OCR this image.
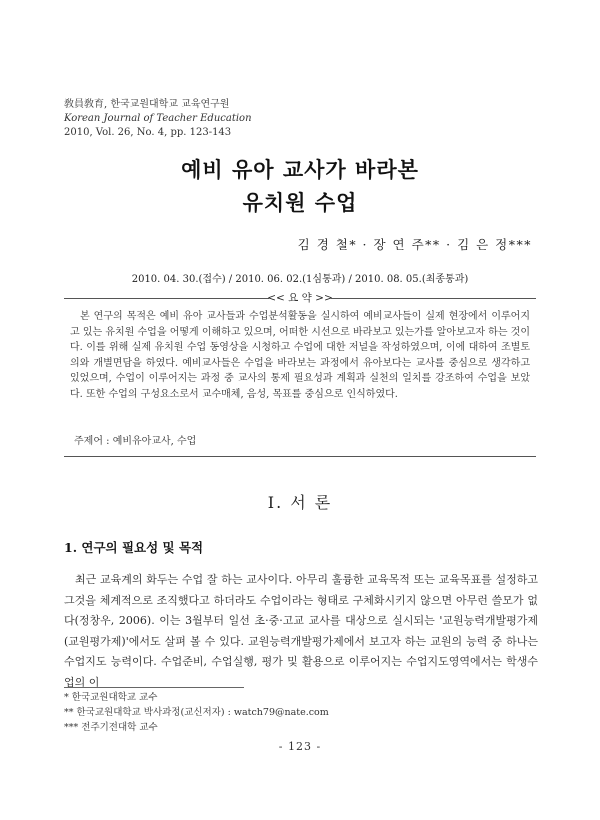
敎員敎育, 한국교원대학교 교육연구원
Korean Journal of Teacher Education
2010, Vol. 26, No. 4, pp. 123-143
예비 유아 교사가 바라본
유치원 수업
김 경 철* · 장 연 주** · 김 은 정***
2010. 04. 30.(접수) / 2010. 06. 02.(1심통과) / 2010. 08. 05.(최종통과)
<< 요 약 >>
본 연구의 목적은 예비 유아 교사들과 수업분석활동을 실시하여 예비교사들이 실제 현장에서 이루어지고 있는 유치원 수업을 어떻게 이해하고 있으며, 어떠한 시선으로 바라보고 있는가를 알아보고자 하는 것이다. 이를 위해 실제 유치원 수업 동영상을 시청하고 수업에 대한 저널을 작성하였으며, 이에 대하여 조별토의와 개별면담을 하였다. 예비교사들은 수업을 바라보는 과정에서 유아보다는 교사를 중심으로 생각하고 있었으며, 수업이 이루어지는 과정 중 교사의 통제 필요성과 계획과 실천의 일치를 강조하여 수업을 보았다. 또한 수업의 구성요소로서 교수매체, 음성, 목표를 중심으로 인식하였다.
주제어 : 예비유아교사, 수업
Ⅰ. 서 론
1. 연구의 필요성 및 목적
최근 교육계의 화두는 수업 잘 하는 교사이다. 아무리 훌륭한 교육목적 또는 교육목표를 설정하고 그것을 체계적으로 조직했다고 하더라도 수업이라는 형태로 구체화시키지 않으면 아무런 쓸모가 없다(정창우, 2006). 이는 3월부터 일선 초·중·고교 교사를 대상으로 실시되는 '교원능력개발평가제(교원평가제)'에서도 살펴 볼 수 있다. 교원능력개발평가제에서 보고자 하는 교원의 능력 중 하나는 수업지도 능력이다. 수업준비, 수업실행, 평가 및 활용으로 이루어지는 수업지도영역에서는 학생수업의 이
* 한국교원대학교 교수
** 한국교원대학교 박사과정(교신저자) : watch79@nate.com
*** 전주기전대학 교수
- 123 -
